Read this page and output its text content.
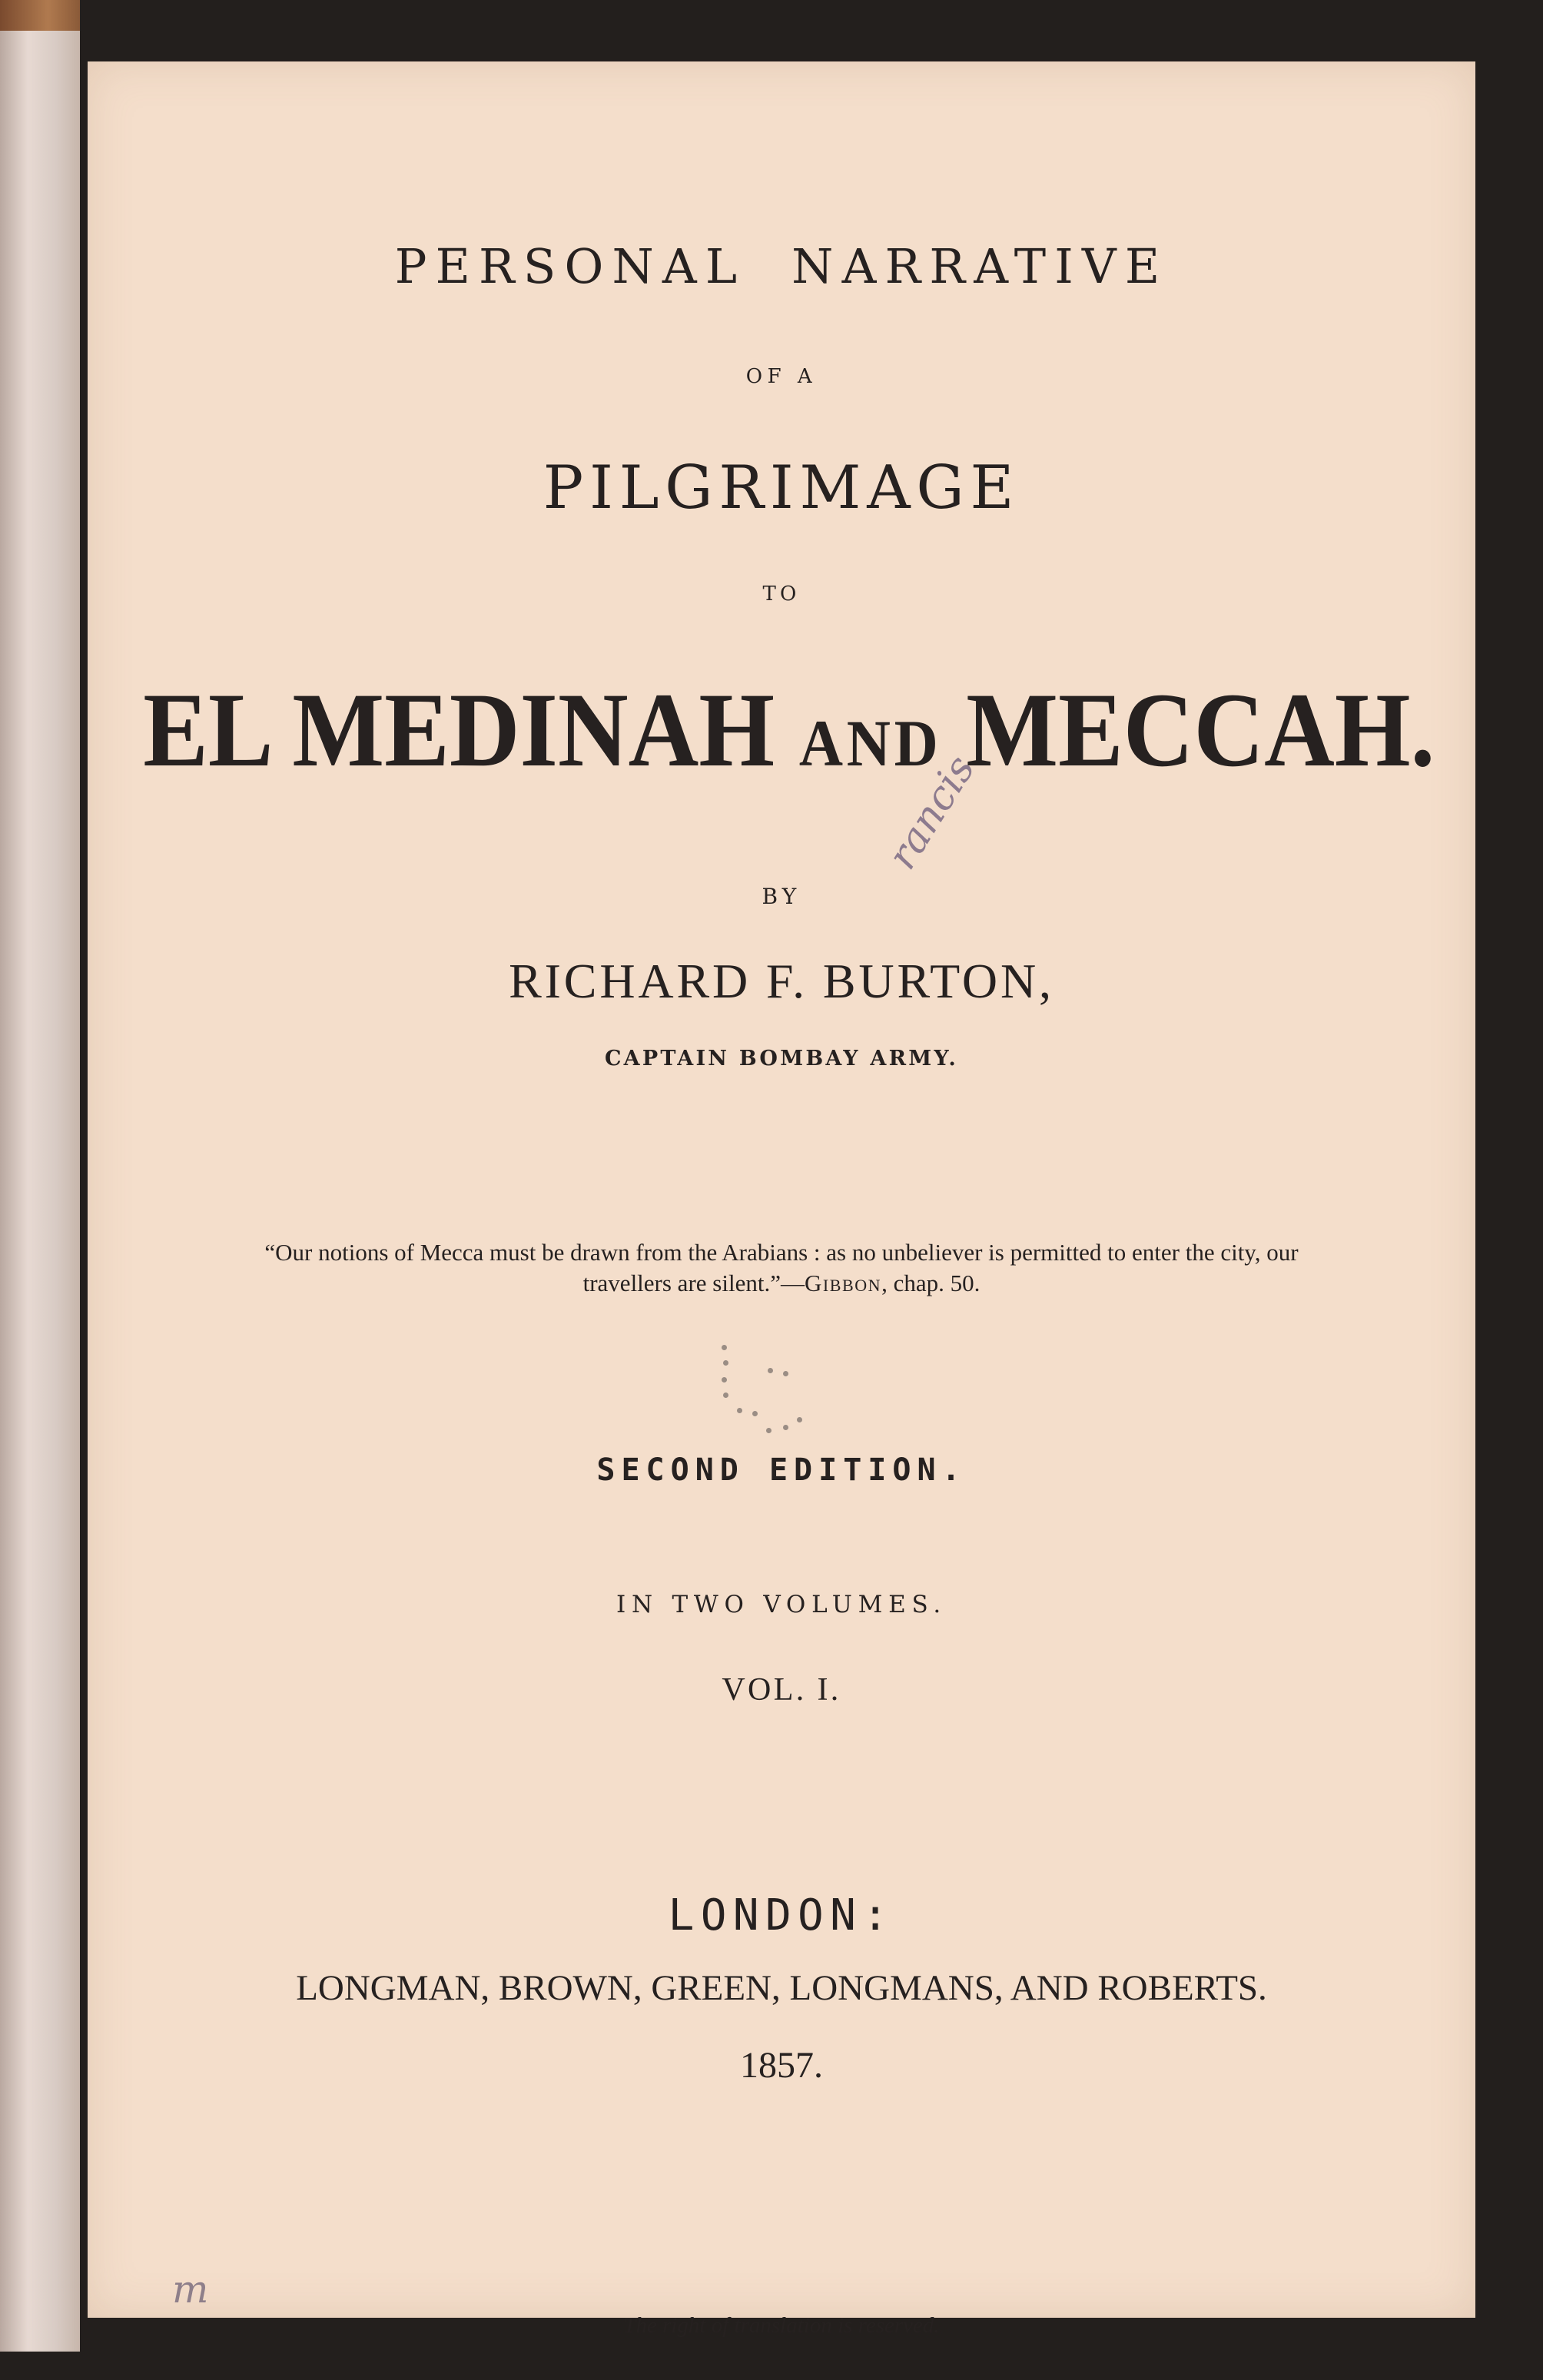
PERSONAL NARRATIVE
OF A
PILGRIMAGE
TO
EL MEDINAH AND MECCAH.
BY
RICHARD F. BURTON,
CAPTAIN BOMBAY ARMY.
“Our notions of Mecca must be drawn from the Arabians : as no unbeliever is permitted to enter the city, our travellers are silent.”—Gibbon, chap. 50.
SECOND EDITION.
IN TWO VOLUMES.
VOL. I.
LONDON:
LONGMAN, BROWN, GREEN, LONGMANS, AND ROBERTS.
1857.
The right of translation is reserved.
rancis
m
